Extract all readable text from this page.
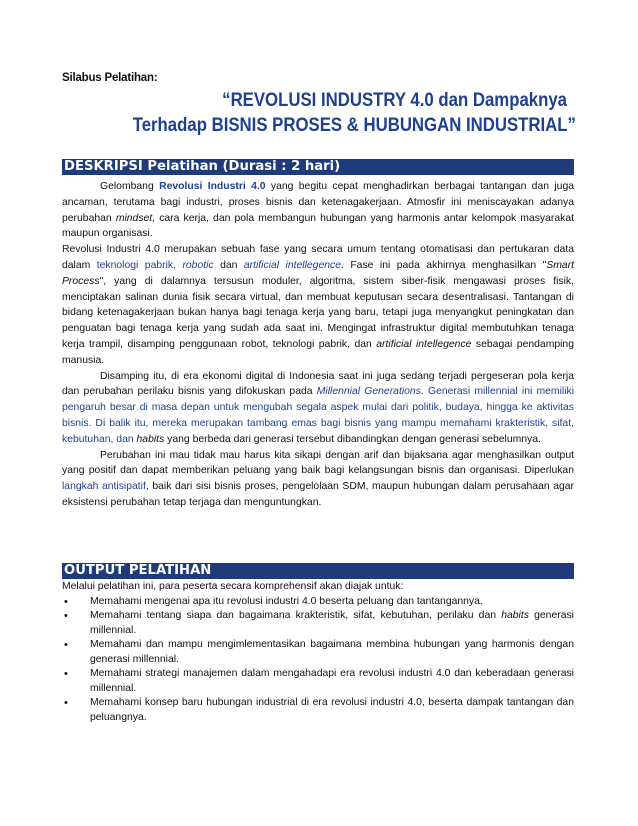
Silabus Pelatihan:
“REVOLUSI INDUSTRY 4.0 dan Dampaknya
Terhadap BISNIS PROSES & HUBUNGAN INDUSTRIAL”
DESKRIPSI Pelatihan (Durasi : 2 hari)

Gelombang Revolusi Industri 4.0 yang begitu cepat menghadirkan berbagai tantangan dan juga ancaman, terutama bagi industri, proses bisnis dan ketenagakerjaan. Atmosfir ini meniscayakan adanya perubahan mindset, cara kerja, dan pola membangun hubungan yang harmonis antar kelompok masyarakat maupun organisasi.

Revolusi Industri 4.0 merupakan sebuah fase yang secara umum tentang otomatisasi dan pertukaran data dalam teknologi pabrik, robotic dan artificial intellegence. Fase ini pada akhirnya menghasilkan "Smart Process", yang di dalamnya tersusun moduler, algoritma, sistem siber-fisik mengawasi proses fisik, menciptakan salinan dunia fisik secara virtual, dan membuat keputusan secara desentralisasi. Tantangan di bidang ketenagakerjaan bukan hanya bagi tenaga kerja yang baru, tetapi juga menyangkut peningkatan dan penguatan bagi tenaga kerja yang sudah ada saat ini. Mengingat infrastruktur digital membutuhkan tenaga kerja trampil, disamping penggunaan robot, teknologi pabrik, dan artificial intellegence sebagai pendamping manusia.

Disamping itu, di era ekonomi digital di Indonesia saat ini juga sedang terjadi pergeseran pola kerja dan perubahan perilaku bisnis yang difokuskan pada Millennial Generations. Generasi millennial ini memiliki pengaruh besar di masa depan untuk mengubah segala aspek mulai dari politik, budaya, hingga ke aktivitas bisnis. Di balik itu, mereka merupakan tambang emas bagi bisnis yang mampu memahami krakteristik, sifat, kebutuhan, dan habits yang berbeda dari generasi tersebut dibandingkan dengan generasi sebelumnya.

Perubahan ini mau tidak mau harus kita sikapi dengan arif dan bijaksana agar menghasilkan output yang positif dan dapat memberikan peluang yang baik bagi kelangsungan bisnis dan organisasi. Diperlukan langkah antisipatif, baik dari sisi bisnis proses, pengelolaan SDM, maupun hubungan dalam perusahaan agar eksistensi perubahan tetap terjaga dan menguntungkan.

OUTPUT PELATIHAN

Melalui pelatihan ini, para peserta secara komprehensif akan diajak untuk:

• Memahami mengenai apa itu revolusi industri 4.0 beserta peluang dan tantangannya.
• Memahami tentang siapa dan bagaimana krakteristik, sifat, kebutuhan, perilaku dan habits generasi millennial.
• Memahami dan mampu mengimlementasikan bagaimana membina hubungan yang harmonis dengan generasi millennial.
• Memahami strategi manajemen dalam mengahadapi era revolusi industri 4.0 dan keberadaan generasi millennial.
• Memahami konsep baru hubungan industrial di era revolusi industri 4.0, beserta dampak tantangan dan peluangnya.
